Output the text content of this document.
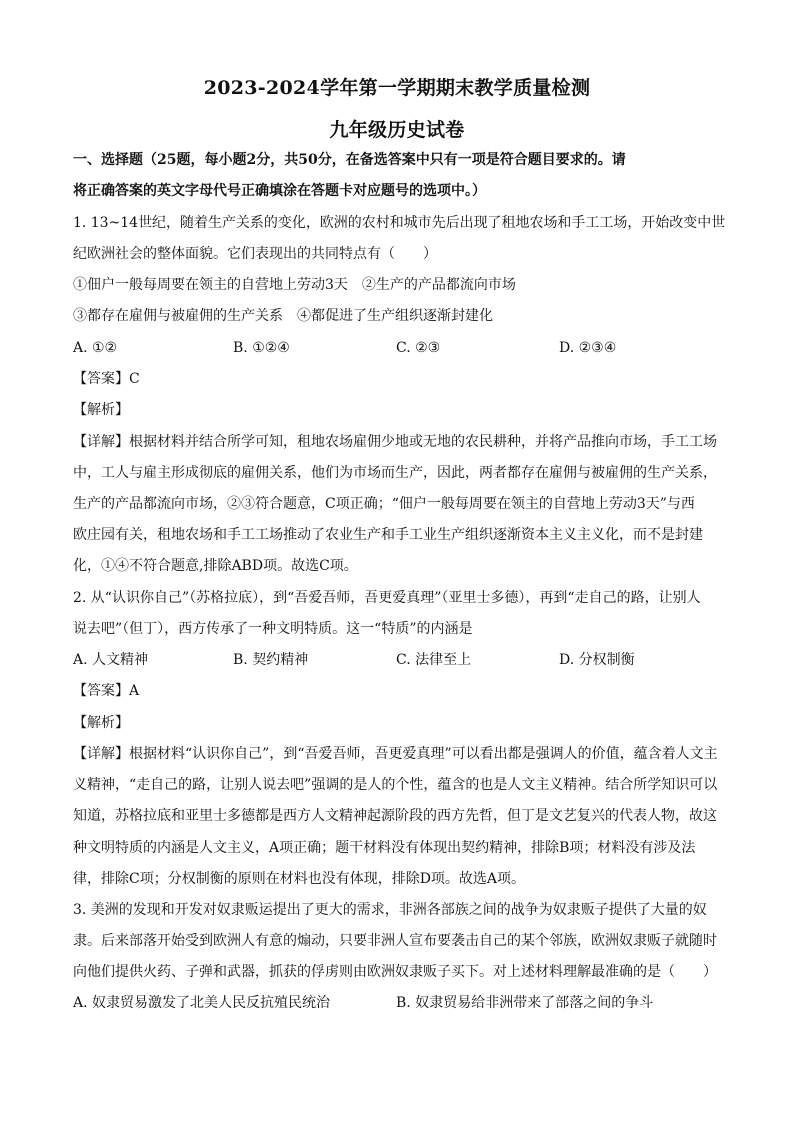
2023-2024学年第一学期期末教学质量检测
九年级历史试卷
一、选择题（25题，每小题2分，共50分，在备选答案中只有一项是符合题目要求的。请
将正确答案的英文字母代号正确填涂在答题卡对应题号的选项中。）
1. 13~14世纪，随着生产关系的变化，欧洲的农村和城市先后出现了租地农场和手工工场，开始改变中世
纪欧洲社会的整体面貌。它们表现出的共同特点有（　　）
①佃户一般每周要在领主的自营地上劳动3天　②生产的产品都流向市场
③都存在雇佣与被雇佣的生产关系　④都促进了生产组织逐渐封建化
A. ①②	B. ①②④	C. ②③	D. ②③④
【答案】C
【解析】
【详解】根据材料并结合所学可知，租地农场雇佣少地或无地的农民耕种，并将产品推向市场，手工工场
中，工人与雇主形成彻底的雇佣关系，他们为市场而生产，因此，两者都存在雇佣与被雇佣的生产关系，
生产的产品都流向市场，②③符合题意，C项正确；“佃户一般每周要在领主的自营地上劳动3天”与西
欧庄园有关，租地农场和手工工场推动了农业生产和手工业生产组织逐渐资本主义主义化，而不是封建
化，①④不符合题意,排除ABD项。故选C项。
2. 从“认识你自己”（苏格拉底），到“吾爱吾师，吾更爱真理”（亚里士多德），再到“走自己的路，让别人
说去吧”（但丁），西方传承了一种文明特质。这一“特质”的内涵是
A. 人文精神	B. 契约精神	C. 法律至上	D. 分权制衡
【答案】A
【解析】
【详解】根据材料“认识你自己”，到“吾爱吾师，吾更爱真理”可以看出都是强调人的价值，蕴含着人文主
义精神，“走自己的路，让别人说去吧”强调的是人的个性，蕴含的也是人文主义精神。结合所学知识可以
知道，苏格拉底和亚里士多德都是西方人文精神起源阶段的西方先哲，但丁是文艺复兴的代表人物，故这
种文明特质的内涵是人文主义，A项正确；题干材料没有体现出契约精神，排除B项；材料没有涉及法
律，排除C项；分权制衡的原则在材料也没有体现，排除D项。故选A项。
3. 美洲的发现和开发对奴隶贩运提出了更大的需求，非洲各部族之间的战争为奴隶贩子提供了大量的奴
隶。后来部落开始受到欧洲人有意的煽动，只要非洲人宣布要袭击自己的某个邻族，欧洲奴隶贩子就随时
向他们提供火药、子弹和武器，抓获的俘虏则由欧洲奴隶贩子买下。对上述材料理解最准确的是（　　）
A. 奴隶贸易激发了北美人民反抗殖民统治	B. 奴隶贸易给非洲带来了部落之间的争斗
